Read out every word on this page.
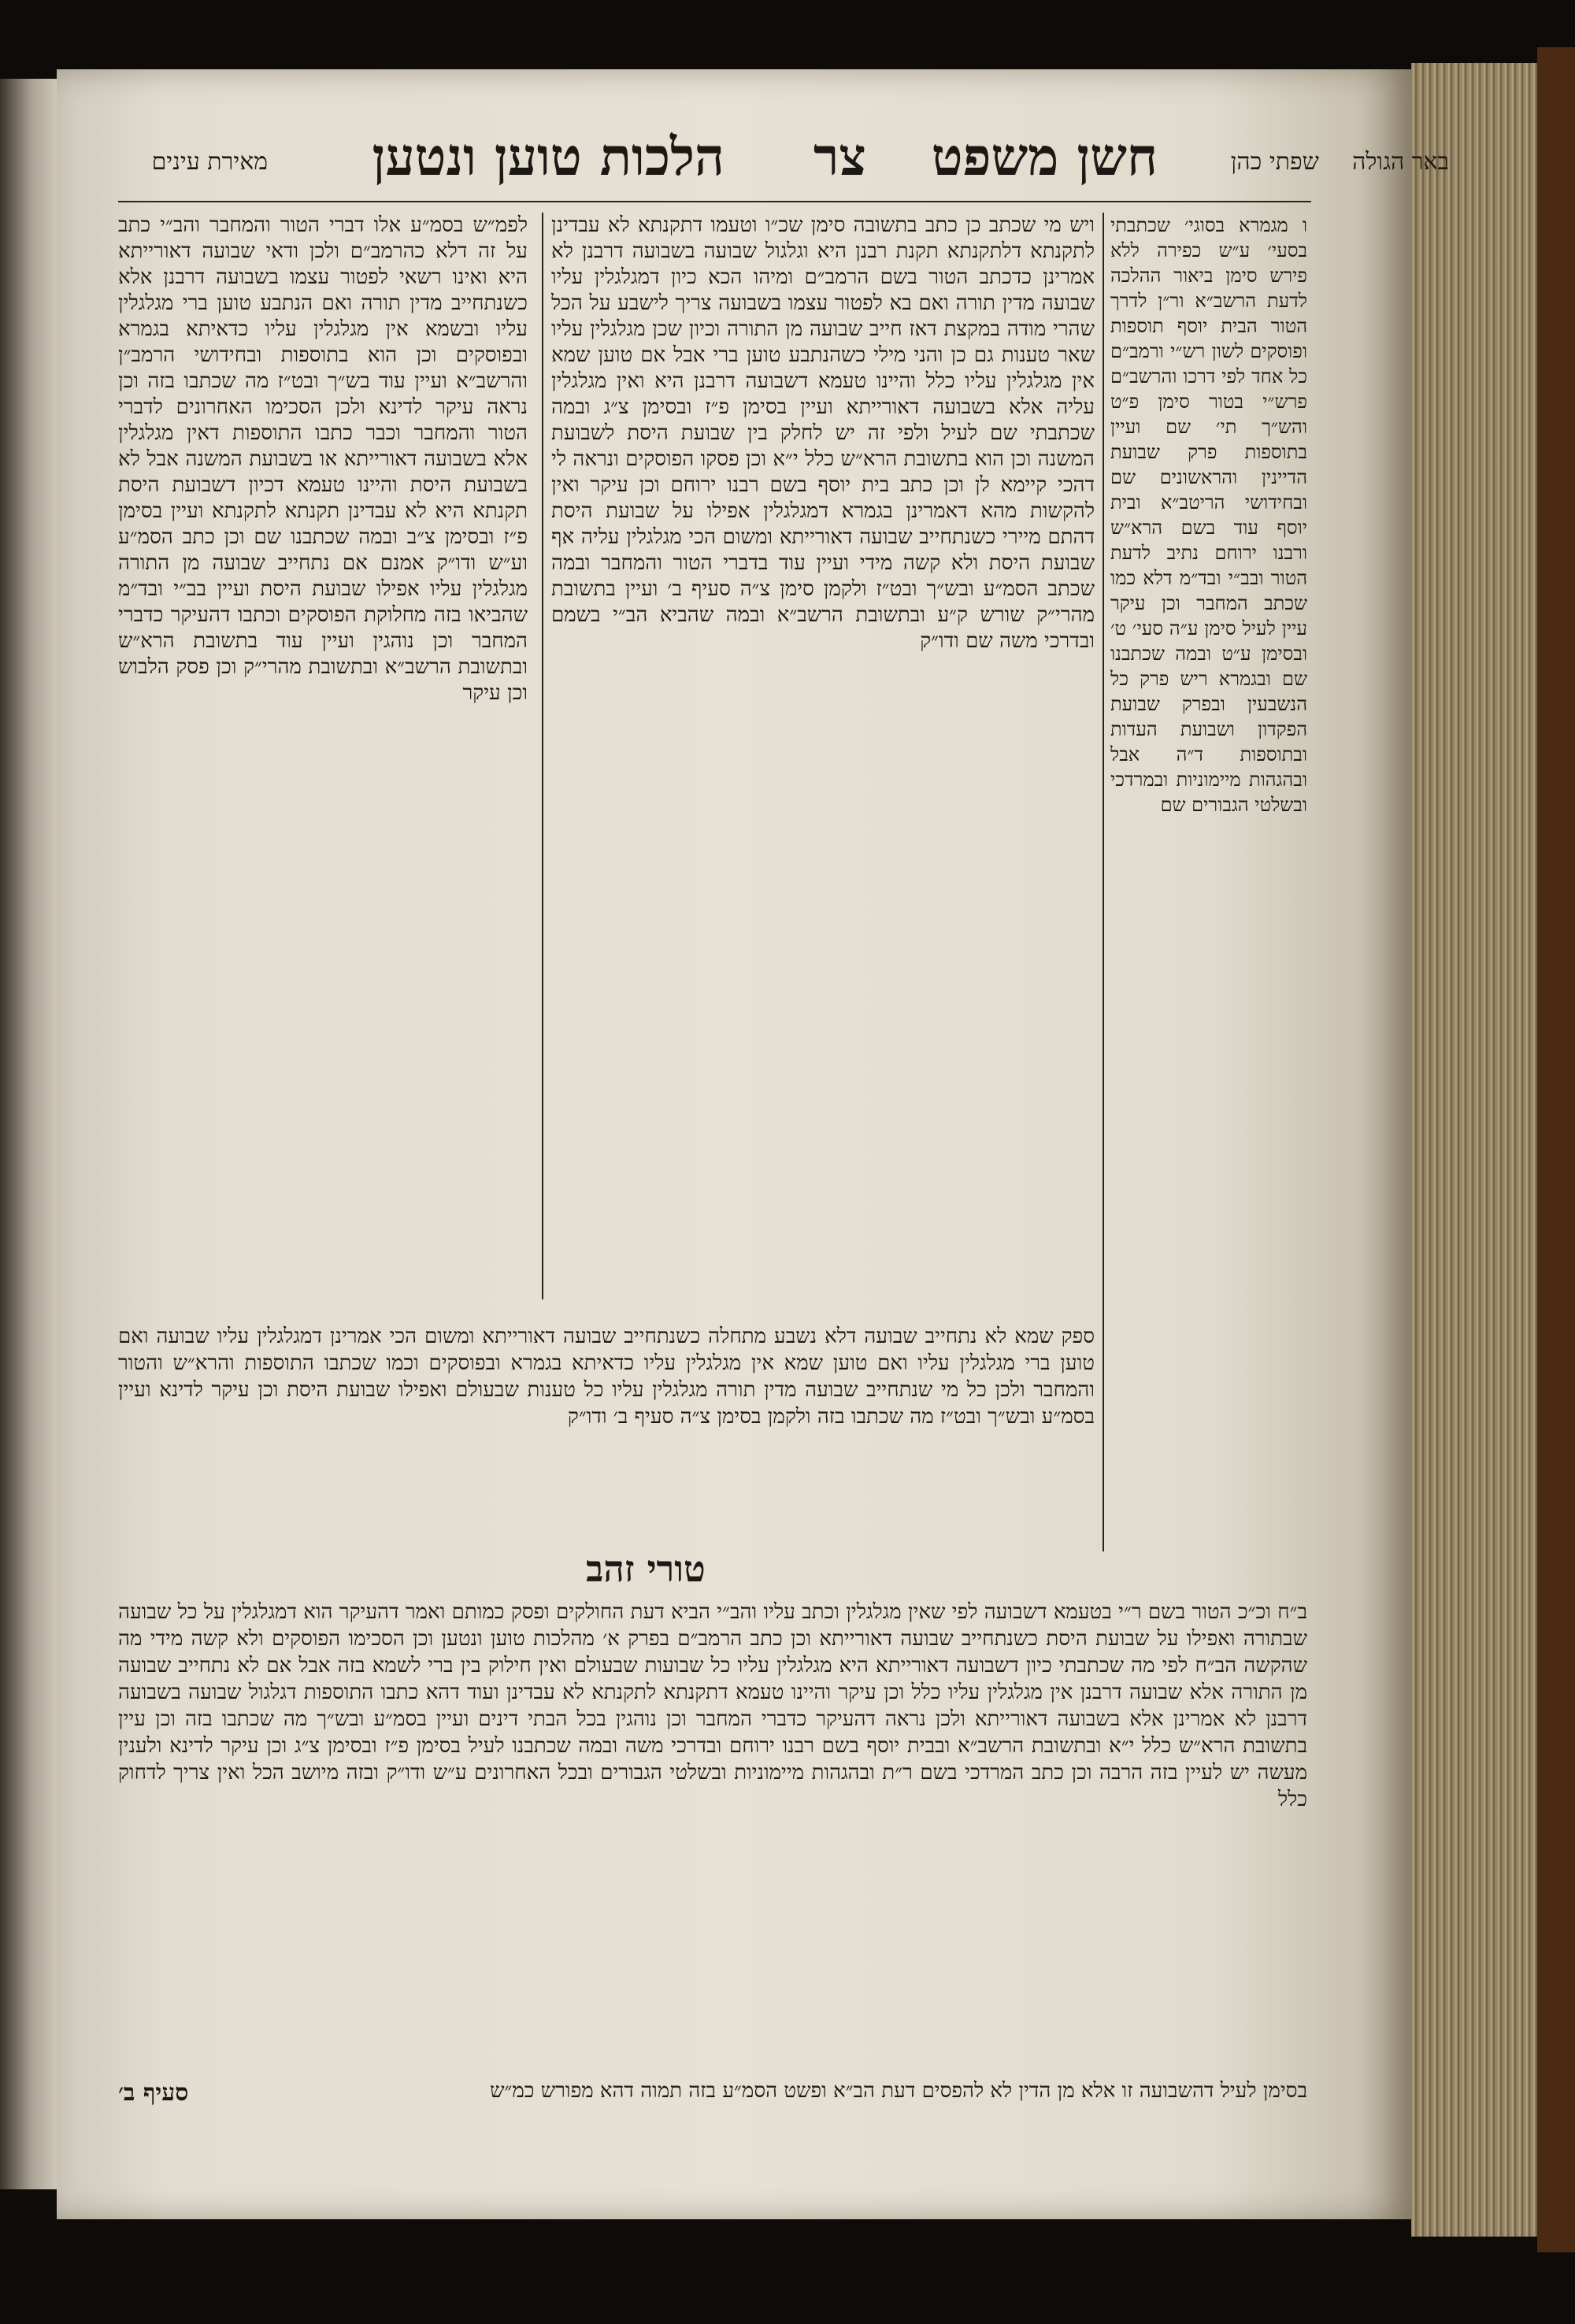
באר הגולה
שפתי כהן
חשן משפט
צר
הלכות טוען ונטען
מאירת עינים
ו מגמרא בסוגי׳ שכתבתי בסעי׳ ע״ש כפירה ללא פירש סימן ביאור ההלכה לדעת הרשב״א ור״ן לדרך הטור הבית יוסף תוספות ופוסקים לשון רש״י ורמב״ם כל אחד לפי דרכו והרשב״ם פרש״י בטור סימן פ״ט והש״ך תי׳ שם ועיין בתוספות פרק שבועת הדיינין והראשונים שם ובחידושי הריטב״א ובית יוסף עוד בשם הרא״ש ורבנו ירוחם נתיב לדעת הטור ובב״י ובד״מ דלא כמו שכתב המחבר וכן עיקר עיין לעיל סימן ע״ה סעי׳ ט׳ ובסימן ע״ט ובמה שכתבנו שם ובגמרא ריש פרק כל הנשבעין ובפרק שבועת הפקדון ושבועת העדות ובתוספות ד״ה אבל ובהגהות מיימוניות ובמרדכי ובשלטי הגבורים שם
ויש מי שכתב כן כתב בתשובה סימן שכ״ו וטעמו דתקנתא לא עבדינן לתקנתא דלתקנתא תקנת רבנן היא וגלגול שבועה בשבועה דרבנן לא אמרינן כדכתב הטור בשם הרמב״ם ומיהו הכא כיון דמגלגלין עליו שבועה מדין תורה ואם בא לפטור עצמו בשבועה צריך לישבע על הכל שהרי מודה במקצת דאז חייב שבועה מן התורה וכיון שכן מגלגלין עליו שאר טענות גם כן והני מילי כשהנתבע טוען ברי אבל אם טוען שמא אין מגלגלין עליו כלל והיינו טעמא דשבועה דרבנן היא ואין מגלגלין עליה אלא בשבועה דאורייתא ועיין בסימן פ״ז ובסימן צ״ג ובמה שכתבתי שם לעיל ולפי זה יש לחלק בין שבועת היסת לשבועת המשנה וכן הוא בתשובת הרא״ש כלל י״א וכן פסקו הפוסקים ונראה לי דהכי קיימא לן וכן כתב בית יוסף בשם רבנו ירוחם וכן עיקר ואין להקשות מהא דאמרינן בגמרא דמגלגלין אפילו על שבועת היסת דהתם מיירי כשנתחייב שבועה דאורייתא ומשום הכי מגלגלין עליה אף שבועת היסת ולא קשה מידי ועיין עוד בדברי הטור והמחבר ובמה שכתב הסמ״ע ובש״ך ובט״ז ולקמן סימן צ״ה סעיף ב׳ ועיין בתשובת מהרי״ק שורש ק״ע ובתשובת הרשב״א ובמה שהביא הב״י בשמם ובדרכי משה שם ודו״ק
לפמ״ש בסמ״ע אלו דברי הטור והמחבר והב״י כתב על זה דלא כהרמב״ם ולכן ודאי שבועה דאורייתא היא ואינו רשאי לפטור עצמו בשבועה דרבנן אלא כשנתחייב מדין תורה ואם הנתבע טוען ברי מגלגלין עליו ובשמא אין מגלגלין עליו כדאיתא בגמרא ובפוסקים וכן הוא בתוספות ובחידושי הרמב״ן והרשב״א ועיין עוד בש״ך ובט״ז מה שכתבו בזה וכן נראה עיקר לדינא ולכן הסכימו האחרונים לדברי הטור והמחבר וכבר כתבו התוספות דאין מגלגלין אלא בשבועה דאורייתא או בשבועת המשנה אבל לא בשבועת היסת והיינו טעמא דכיון דשבועת היסת תקנתא היא לא עבדינן תקנתא לתקנתא ועיין בסימן פ״ז ובסימן צ״ב ובמה שכתבנו שם וכן כתב הסמ״ע וע״ש ודו״ק אמנם אם נתחייב שבועה מן התורה מגלגלין עליו אפילו שבועת היסת ועיין בב״י ובד״מ שהביאו בזה מחלוקת הפוסקים וכתבו דהעיקר כדברי המחבר וכן נוהגין ועיין עוד בתשובת הרא״ש ובתשובת הרשב״א ובתשובת מהרי״ק וכן פסק הלבוש וכן עיקר
ספק שמא לא נתחייב שבועה דלא נשבע מתחלה כשנתחייב שבועה דאורייתא ומשום הכי אמרינן דמגלגלין עליו שבועה ואם טוען ברי מגלגלין עליו ואם טוען שמא אין מגלגלין עליו כדאיתא בגמרא ובפוסקים וכמו שכתבו התוספות והרא״ש והטור והמחבר ולכן כל מי שנתחייב שבועה מדין תורה מגלגלין עליו כל טענות שבעולם ואפילו שבועת היסת וכן עיקר לדינא ועיין בסמ״ע ובש״ך ובט״ז מה שכתבו בזה ולקמן בסימן צ״ה סעיף ב׳ ודו״ק
טורי זהב
ב״ח וכ״כ הטור בשם ר״י בטעמא דשבועה לפי שאין מגלגלין וכתב עליו והב״י הביא דעת החולקים ופסק כמותם ואמר דהעיקר הוא דמגלגלין על כל שבועה שבתורה ואפילו על שבועת היסת כשנתחייב שבועה דאורייתא וכן כתב הרמב״ם בפרק א׳ מהלכות טוען ונטען וכן הסכימו הפוסקים ולא קשה מידי מה שהקשה הב״ח לפי מה שכתבתי כיון דשבועה דאורייתא היא מגלגלין עליו כל שבועות שבעולם ואין חילוק בין ברי לשמא בזה אבל אם לא נתחייב שבועה מן התורה אלא שבועה דרבנן אין מגלגלין עליו כלל וכן עיקר והיינו טעמא דתקנתא לתקנתא לא עבדינן ועוד דהא כתבו התוספות דגלגול שבועה בשבועה דרבנן לא אמרינן אלא בשבועה דאורייתא ולכן נראה דהעיקר כדברי המחבר וכן נוהגין בכל הבתי דינים ועיין בסמ״ע ובש״ך מה שכתבו בזה וכן עיין בתשובת הרא״ש כלל י״א ובתשובת הרשב״א ובבית יוסף בשם רבנו ירוחם ובדרכי משה ובמה שכתבנו לעיל בסימן פ״ז ובסימן צ״ג וכן עיקר לדינא ולענין מעשה יש לעיין בזה הרבה וכן כתב המרדכי בשם ר״ת ובהגהות מיימוניות ובשלטי הגבורים ובכל האחרונים ע״ש ודו״ק ובזה מיושב הכל ואין צריך לדחוק כלל
סעיף ב׳	בסימן לעיל דהשבועה זו אלא מן הדין לא להפסים דעת הב״א ופשט הסמ״ע בזה תמוה דהא מפורש כמ״ש
